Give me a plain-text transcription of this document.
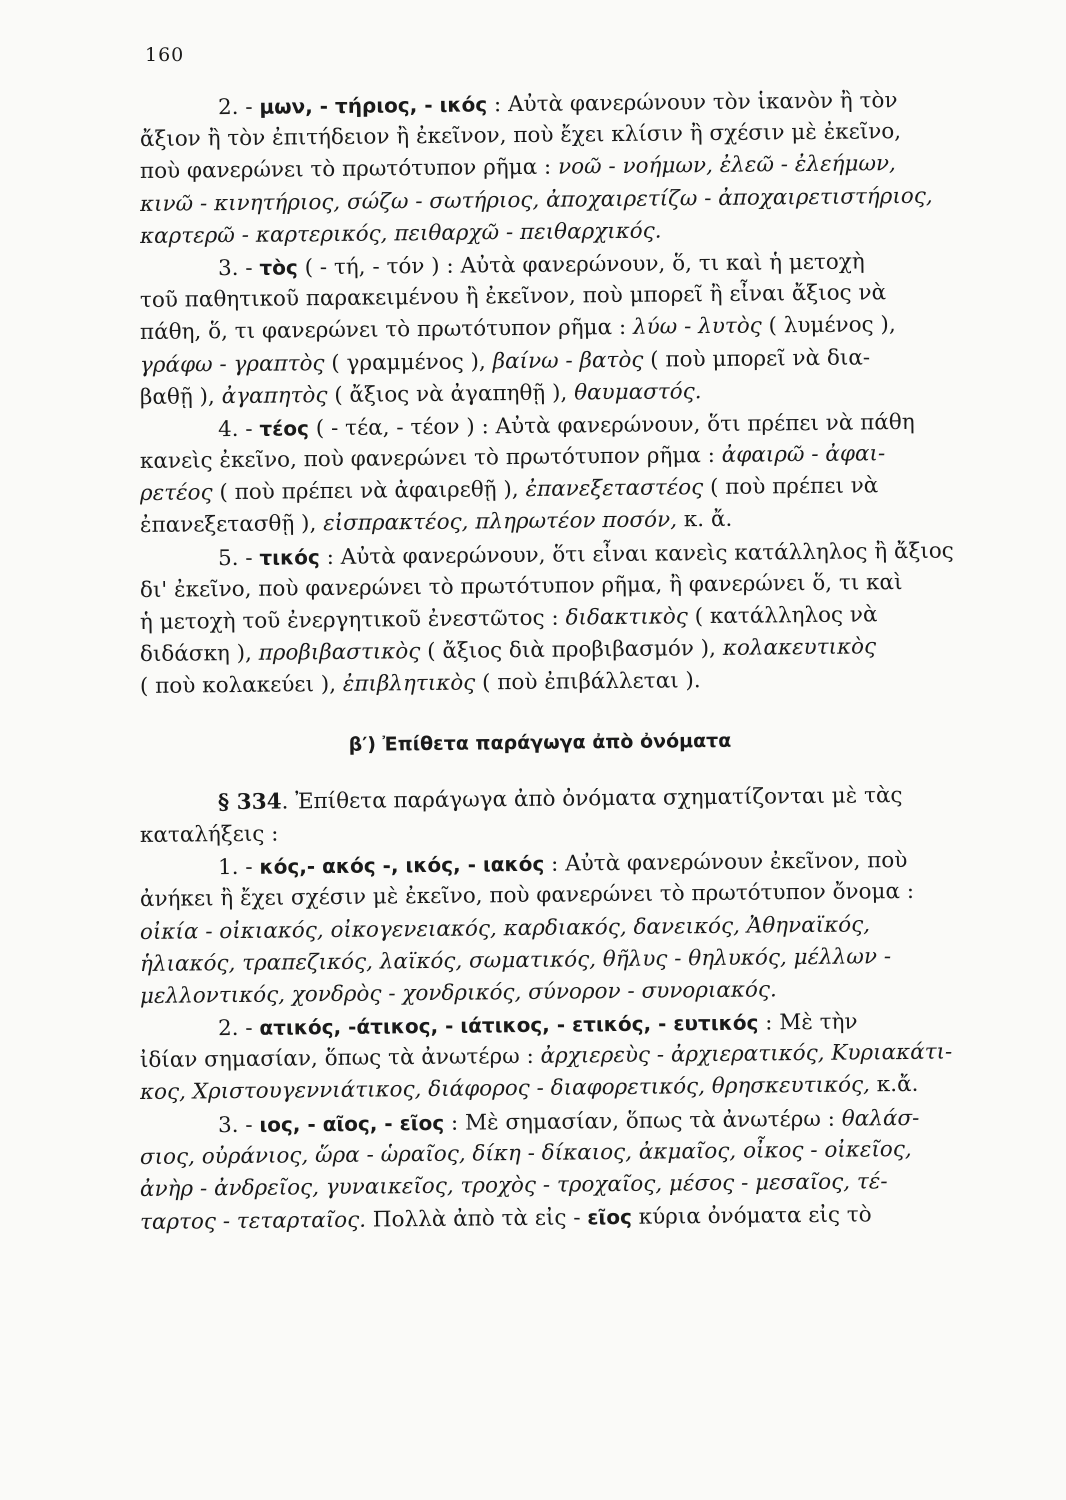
160
2. - μων, - τήριος, - ικός : Αὐτὰ φανερώνουν τὸν ἱκανὸν ἢ τὸν
ἄξιον ἢ τὸν ἐπιτήδειον ἢ ἐκεῖνον, ποὺ ἔχει κλίσιν ἢ σχέσιν μὲ ἐκεῖνο,
ποὺ φανερώνει τὸ πρωτότυπον ρῆμα : νοῶ - νοήμων, ἐλεῶ - ἐλεήμων,
κινῶ - κινητήριος, σώζω - σωτήριος, ἀποχαιρετίζω - ἀποχαιρετιστήριος,
καρτερῶ - καρτερικός, πειθαρχῶ - πειθαρχικός.
3. - τὸς ( - τή, - τόν ) : Αὐτὰ φανερώνουν, ὅ, τι καὶ ἡ μετοχὴ
τοῦ παθητικοῦ παρακειμένου ἢ ἐκεῖνον, ποὺ μπορεῖ ἢ εἶναι ἄξιος νὰ
πάθη, ὅ, τι φανερώνει τὸ πρωτότυπον ρῆμα : λύω - λυτὸς ( λυμένος ),
γράφω - γραπτὸς ( γραμμένος ), βαίνω - βατὸς ( ποὺ μπορεῖ νὰ δια-
βαθῇ ), ἀγαπητὸς ( ἄξιος νὰ ἀγαπηθῇ ), θαυμαστός.
4. - τέος ( - τέα, - τέον ) : Αὐτὰ φανερώνουν, ὅτι πρέπει νὰ πάθη
κανεὶς ἐκεῖνο, ποὺ φανερώνει τὸ πρωτότυπον ρῆμα : ἀφαιρῶ - ἀφαι-
ρετέος ( ποὺ πρέπει νὰ ἀφαιρεθῇ ), ἐπανεξεταστέος ( ποὺ πρέπει νὰ
ἐπανεξετασθῇ ), εἰσπρακτέος, πληρωτέον ποσόν, κ. ἄ.
5. - τικός : Αὐτὰ φανερώνουν, ὅτι εἶναι κανεὶς κατάλληλος ἢ ἄξιος
δι' ἐκεῖνο, ποὺ φανερώνει τὸ πρωτότυπον ρῆμα, ἢ φανερώνει ὅ, τι καὶ
ἡ μετοχὴ τοῦ ἐνεργητικοῦ ἐνεστῶτος : διδακτικὸς ( κατάλληλος νὰ
διδάσκη ), προβιβαστικὸς ( ἄξιος διὰ προβιβασμόν ), κολακευτικὸς
( ποὺ κολακεύει ), ἐπιβλητικὸς ( ποὺ ἐπιβάλλεται ).
β′) Ἐπίθετα παράγωγα ἀπὸ ὀνόματα
§ 334. Ἐπίθετα παράγωγα ἀπὸ ὀνόματα σχηματίζονται μὲ τὰς
καταλήξεις :
1. - κός,- ακός -, ικός, - ιακός : Αὐτὰ φανερώνουν ἐκεῖνον, ποὺ
ἀνήκει ἢ ἔχει σχέσιν μὲ ἐκεῖνο, ποὺ φανερώνει τὸ πρωτότυπον ὄνομα :
οἰκία - οἰκιακός, οἰκογενειακός, καρδιακός, δανεικός, Ἀθηναϊκός,
ἡλιακός, τραπεζικός, λαϊκός, σωματικός, θῆλυς - θηλυκός, μέλλων -
μελλοντικός, χονδρὸς - χονδρικός, σύνορον - συνοριακός.
2. - ατικός, -άτικος, - ιάτικος, - ετικός, - ευτικός : Μὲ τὴν
ἰδίαν σημασίαν, ὅπως τὰ ἀνωτέρω : ἀρχιερεὺς - ἀρχιερατικός, Κυριακάτι-
κος, Χριστουγεννιάτικος, διάφορος - διαφορετικός, θρησκευτικός, κ.ἄ.
3. - ιος, - αῖος, - εῖος : Μὲ σημασίαν, ὅπως τὰ ἀνωτέρω : θαλάσ-
σιος, οὐράνιος, ὥρα - ὡραῖος, δίκη - δίκαιος, ἀκμαῖος, οἶκος - οἰκεῖος,
ἀνὴρ - ἀνδρεῖος, γυναικεῖος, τροχὸς - τροχαῖος, μέσος - μεσαῖος, τέ-
ταρτος - τεταρταῖος. Πολλὰ ἀπὸ τὰ εἰς - εῖος κύρια ὀνόματα εἰς τὸ
